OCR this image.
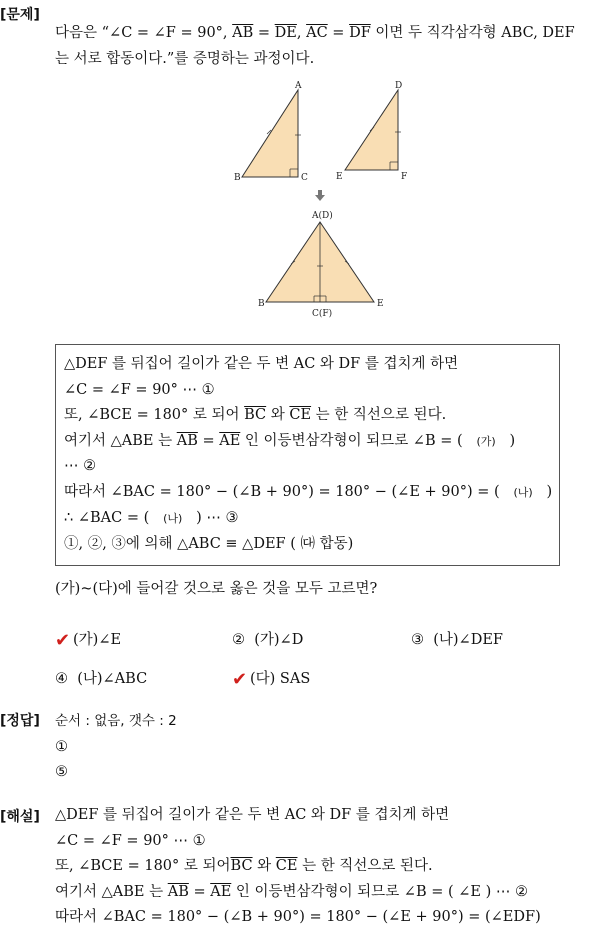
[문제]
다음은 “∠C = ∠F = 90°, $\overline{AB} = \overline{DE}$, $\overline{AC} = \overline{DF}$ 이면 두 직각삼각형 ABC, DEF
는 서로 합동이다.”를 증명하는 과정이다.
A
B	C
D
E	F
A(D)
B	E
C(F)
△DEF 를 뒤집어 길이가 같은 두 변 AC 와 DF 를 겹치게 하면
∠C = ∠F = 90° ⋯ ①
또, ∠BCE = 180° 로 되어 $\overline{BC}$ 와 $\overline{CE}$ 는 한 직선으로 된다.
여기서 △ABE 는 $\overline{AB} = \overline{AE}$ 인 이등변삼각형이 되므로 ∠B = ( (가) )
⋯ ②
따라서 ∠BAC = 180° − (∠B + 90°) = 180° − (∠E + 90°) = ( (나) )
∴ ∠BAC = ( (나) ) ⋯ ③
①, ②, ③에 의해 △ABC ≡ △DEF ( ㈐ 합동)
(가)~(다)에 들어갈 것으로 옳은 것을 모두 고르면?
✔ (가)∠E	② (가)∠D	③ (나)∠DEF
④ (나)∠ABC	✔ (다) SAS
[정답] 순서 : 없음, 갯수 : 2
①
⑤
[해설] △DEF 를 뒤집어 길이가 같은 두 변 AC 와 DF 를 겹치게 하면
∠C = ∠F = 90° ⋯ ①
또, ∠BCE = 180° 로 되어$\overline{BC}$ 와 $\overline{CE}$ 는 한 직선으로 된다.
여기서 △ABE 는 $\overline{AB} = \overline{AE}$ 인 이등변삼각형이 되므로 ∠B = ( ∠E ) ⋯ ②
따라서 ∠BAC = 180° − (∠B + 90°) = 180° − (∠E + 90°) = (∠EDF)
